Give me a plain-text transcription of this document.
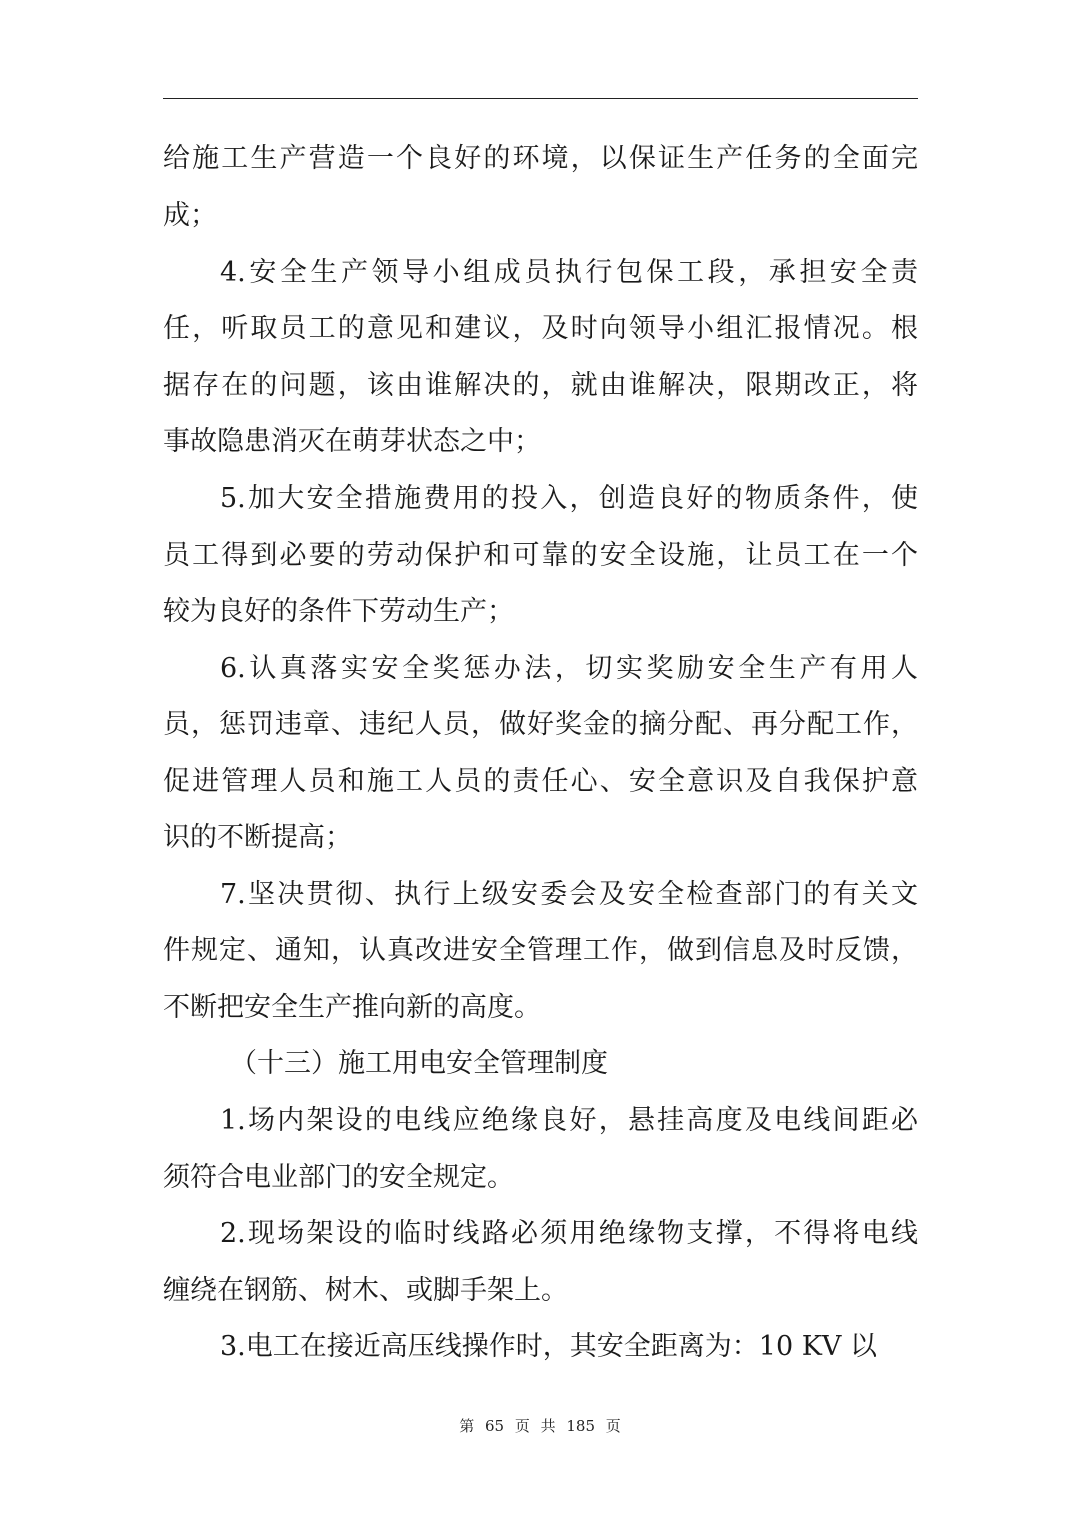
给施工生产营造一个良好的环境，以保证生产任务的全面完
成；
4.安全生产领导小组成员执行包保工段，承担安全责
任，听取员工的意见和建议，及时向领导小组汇报情况。根
据存在的问题，该由谁解决的，就由谁解决，限期改正，将
事故隐患消灭在萌芽状态之中；
5.加大安全措施费用的投入，创造良好的物质条件，使
员工得到必要的劳动保护和可靠的安全设施，让员工在一个
较为良好的条件下劳动生产；
6.认真落实安全奖惩办法，切实奖励安全生产有用人
员，惩罚违章、违纪人员，做好奖金的摘分配、再分配工作，
促进管理人员和施工人员的责任心、安全意识及自我保护意
识的不断提高；
7.坚决贯彻、执行上级安委会及安全检查部门的有关文
件规定、通知，认真改进安全管理工作，做到信息及时反馈，
不断把安全生产推向新的高度。
（十三）施工用电安全管理制度
1.场内架设的电线应绝缘良好，悬挂高度及电线间距必
须符合电业部门的安全规定。
2.现场架设的临时线路必须用绝缘物支撑，不得将电线
缠绕在钢筋、树木、或脚手架上。
3.电工在接近高压线操作时，其安全距离为：10 KV 以
第 65 页 共 185 页
